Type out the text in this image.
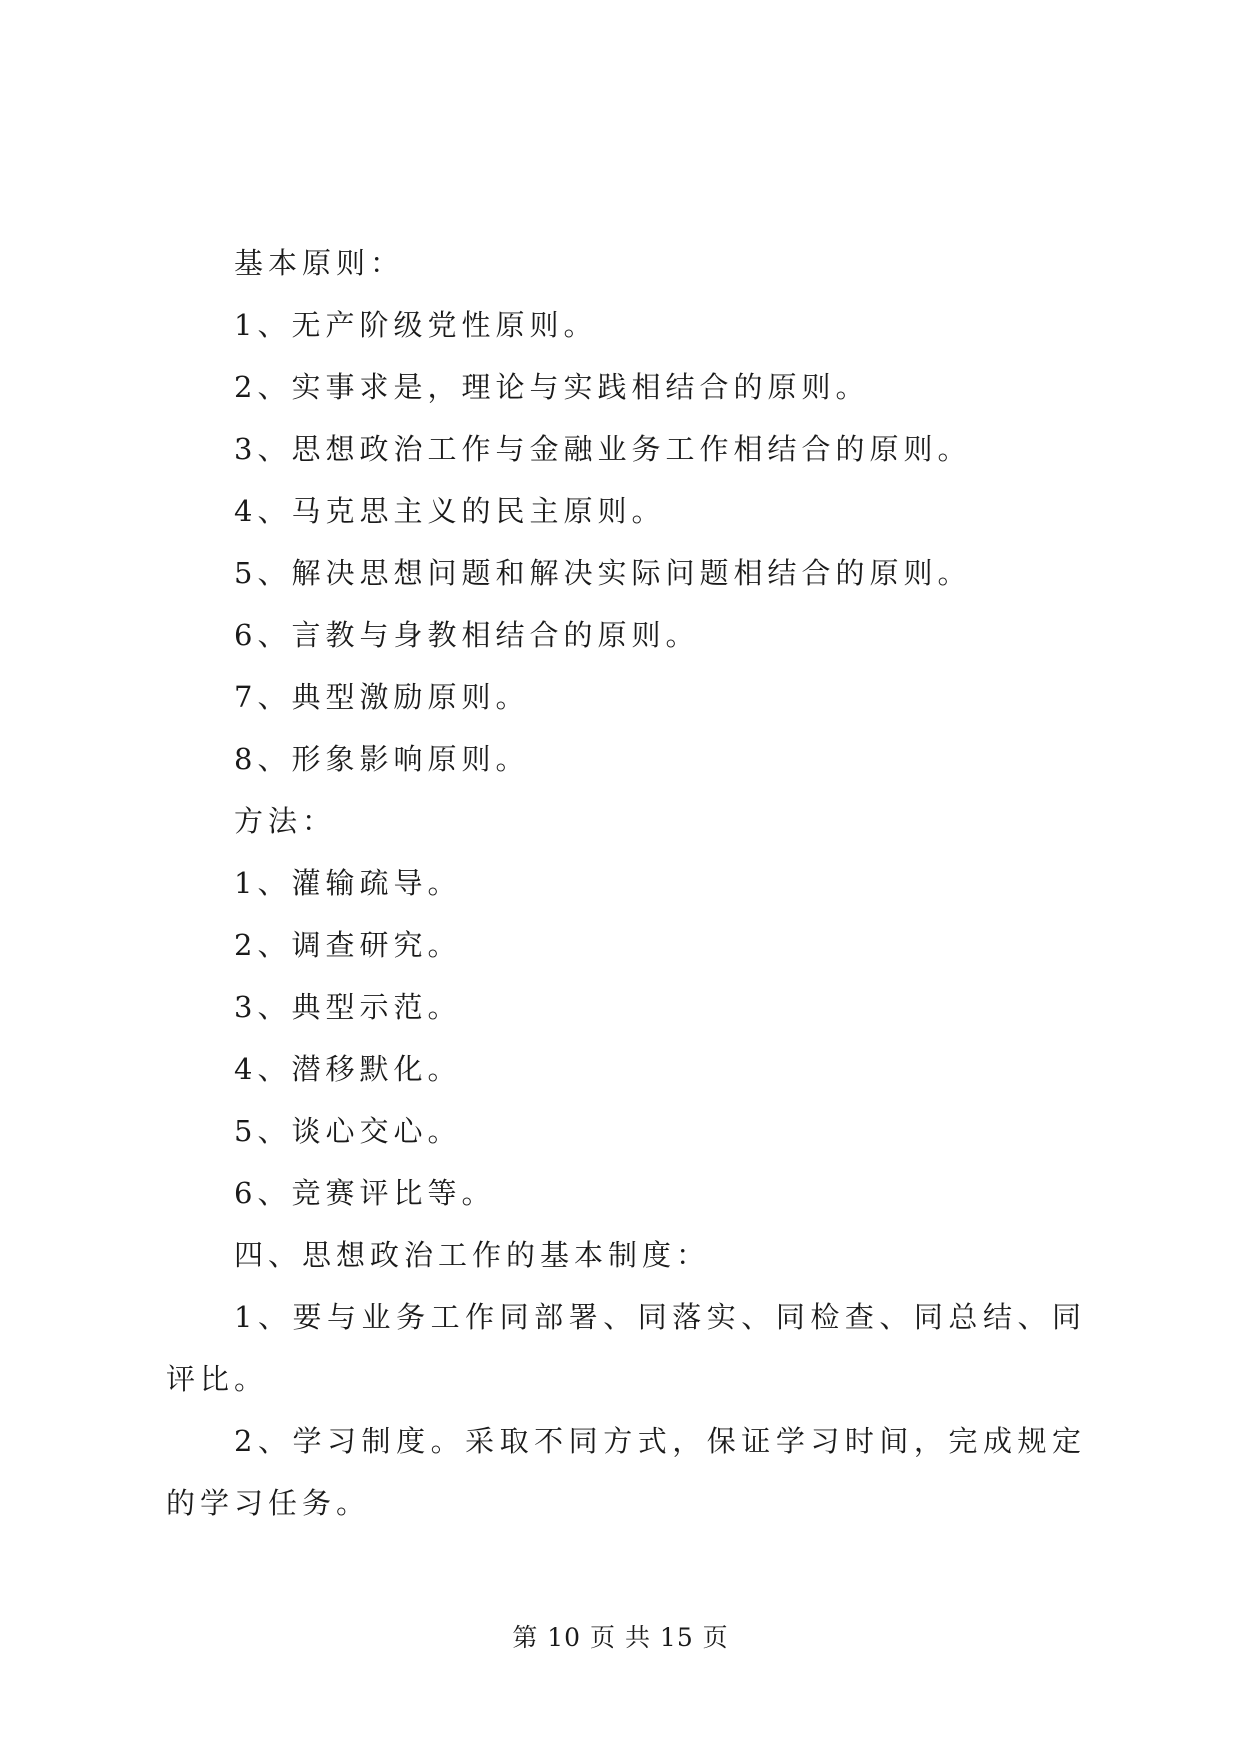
基本原则：

1、无产阶级党性原则。

2、实事求是，理论与实践相结合的原则。

3、思想政治工作与金融业务工作相结合的原则。

4、马克思主义的民主原则。

5、解决思想问题和解决实际问题相结合的原则。

6、言教与身教相结合的原则。

7、典型激励原则。

8、形象影响原则。

方法：

1、灌输疏导。

2、调查研究。

3、典型示范。

4、潜移默化。

5、谈心交心。

6、竞赛评比等。

四、思想政治工作的基本制度：

1、要与业务工作同部署、同落实、同检查、同总结、同评比。

2、学习制度。采取不同方式，保证学习时间，完成规定的学习任务。

第 10 页 共 15 页
